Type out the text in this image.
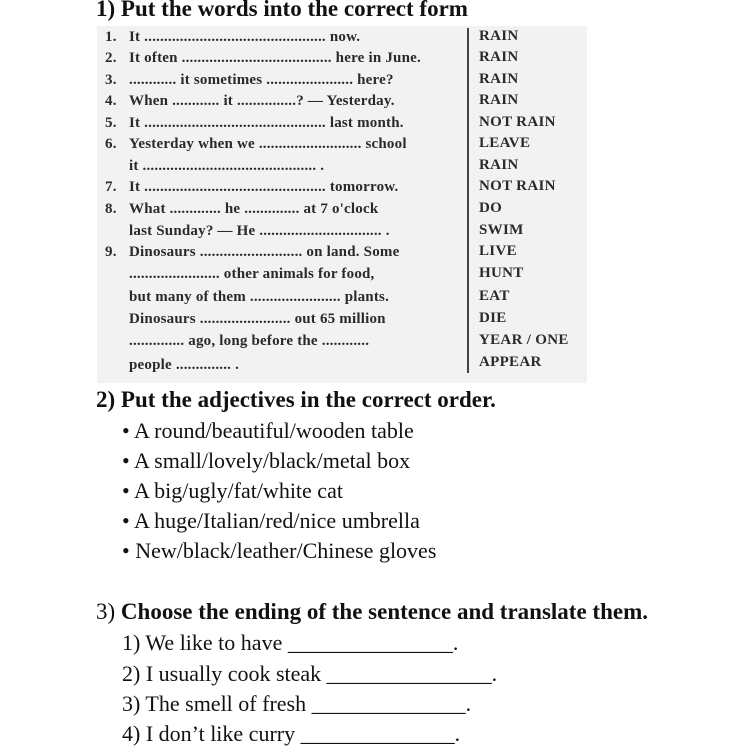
1) Put the words into the correct form
1. It .............................................. now.
2. It often ...................................... here in June.
3. ............ it sometimes ...................... here?
4. When ............ it ...............? — Yesterday.
5. It .............................................. last month.
6. Yesterday when we .......................... school
it ............................................ .
7. It .............................................. tomorrow.
8. What ............. he .............. at 7 o'clock
last Sunday? — He ............................... .
9. Dinosaurs .......................... on land. Some
....................... other animals for food,
but many of them ....................... plants.
Dinosaurs ....................... out 65 million
.............. ago, long before the ............
people .............. .
RAIN
RAIN
RAIN
RAIN
NOT RAIN
LEAVE
RAIN
NOT RAIN
DO
SWIM
LIVE
HUNT
EAT
DIE
YEAR / ONE
APPEAR
2) Put the adjectives in the correct order.
• A round/beautiful/wooden table
• A small/lovely/black/metal box
• A big/ugly/fat/white cat
• A huge/Italian/red/nice umbrella
• New/black/leather/Chinese gloves
3) Choose the ending of the sentence and translate them.
1) We like to have _______________.
2) I usually cook steak _______________.
3) The smell of fresh ______________.
4) I don’t like curry ______________.
